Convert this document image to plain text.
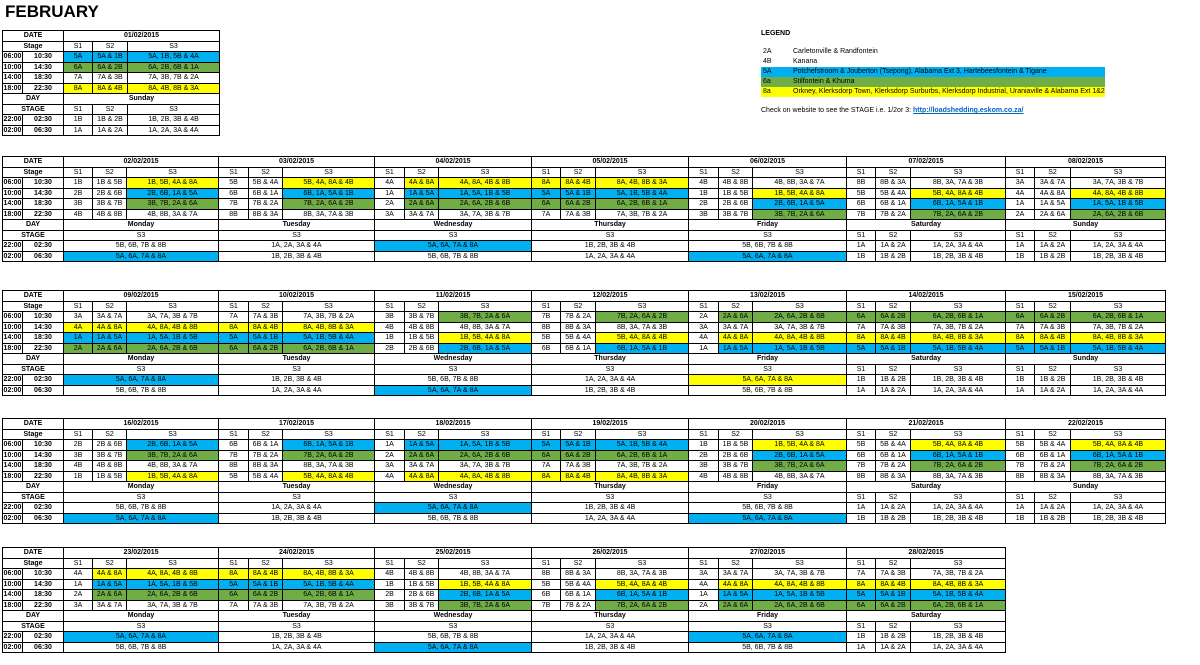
FEBRUARY
DATE		01/02/2015		
Stage		S1	S2	S3
06:00	10:30	5A	5A & 1B	5A, 1B, 5B & 4A
10:00	14:30	6A	6A & 2B	6A, 2B, 6B & 1A
14:00	18:30	7A	7A & 3B	7A, 3B, 7B & 2A
18:00	22:30	8A	8A & 4B	8A, 4B, 8B & 3A
DAY		Sunday		
STAGE		S1	S2	S3
22:00	02:30	1B	1B & 2B	1B, 2B, 3B & 4B
02:00	06:30	1A	1A & 2A	1A, 2A, 3A & 4A
DATE		02/02/2015			03/02/2015			04/02/2015			05/02/2015			06/02/2015			07/02/2015			08/02/2015		
Stage		S1	S2	S3	S1	S2	S3	S1	S2	S3	S1	S2	S3	S1	S2	S3	S1	S2	S3	S1	S2	S3
06:00	10:30	1B	1B & 5B	1B, 5B, 4A & 8A	5B	5B & 4A	5B, 4A, 8A & 4B	4A	4A & 8A	4A, 8A, 4B & 8B	8A	8A & 4B	8A, 4B, 8B & 3A	4B	4B & 8B	4B, 8B, 3A & 7A	8B	8B & 3A	8B, 3A, 7A & 3B	3A	3A & 7A	3A, 7A, 3B & 7B
10:00	14:30	2B	2B & 6B	2B, 6B, 1A & 5A	6B	6B & 1A	6B, 1A, 5A & 1B	1A	1A & 5A	1A, 5A, 1B & 5B	5A	5A & 1B	5A, 1B, 5B & 4A	1B	1B & 5B	1B, 5B, 4A & 8A	5B	5B & 4A	5B, 4A, 8A & 4B	4A	4A & 8A	4A, 8A, 4B & 8B
14:00	18:30	3B	3B & 7B	3B, 7B, 2A & 6A	7B	7B & 2A	7B, 2A, 6A & 2B	2A	2A & 6A	2A, 6A, 2B & 6B	6A	6A & 2B	6A, 2B, 6B & 1A	2B	2B & 6B	2B, 6B, 1A & 5A	6B	6B & 1A	6B, 1A, 5A & 1B	1A	1A & 5A	1A, 5A, 1B & 5B
18:00	22:30	4B	4B & 8B	4B, 8B, 3A & 7A	8B	8B & 3A	8B, 3A, 7A & 3B	3A	3A & 7A	3A, 7A, 3B & 7B	7A	7A & 3B	7A, 3B, 7B & 2A	3B	3B & 7B	3B, 7B, 2A & 6A	7B	7B & 2A	7B, 2A, 6A & 2B	2A	2A & 6A	2A, 6A, 2B & 6B
DAY		Monday			Tuesday			Wednesday			Thursday			Friday			Saturday			Sunday		
STAGE		S3			S3			S3			S3			S3			S1	S2	S3	S1	S2	S3
22:00	02:30	5B, 6B, 7B & 8B			1A, 2A, 3A & 4A			5A, 6A, 7A & 8A			1B, 2B, 3B & 4B			5B, 6B, 7B & 8B			1A	1A & 2A	1A, 2A, 3A & 4A	1A	1A & 2A	1A, 2A, 3A & 4A
02:00	06:30	5A, 6A, 7A & 8A			1B, 2B, 3B & 4B			5B, 6B, 7B & 8B			1A, 2A, 3A & 4A			5A, 6A, 7A & 8A			1B	1B & 2B	1B, 2B, 3B & 4B	1B	1B & 2B	1B, 2B, 3B & 4B
DATE		09/02/2015			10/02/2015			11/02/2015			12/02/2015			13/02/2015			14/02/2015			15/02/2015		
Stage		S1	S2	S3	S1	S2	S3	S1	S2	S3	S1	S2	S3	S1	S2	S3	S1	S2	S3	S1	S2	S3
06:00	10:30	3A	3A & 7A	3A, 7A, 3B & 7B	7A	7A & 3B	7A, 3B, 7B & 2A	3B	3B & 7B	3B, 7B, 2A & 6A	7B	7B & 2A	7B, 2A, 6A & 2B	2A	2A & 6A	2A, 6A, 2B & 6B	6A	6A & 2B	6A, 2B, 6B & 1A	6A	6A & 2B	6A, 2B, 6B & 1A
10:00	14:30	4A	4A & 8A	4A, 8A, 4B & 8B	8A	8A & 4B	8A, 4B, 8B & 3A	4B	4B & 8B	4B, 8B, 3A & 7A	8B	8B & 3A	8B, 3A, 7A & 3B	3A	3A & 7A	3A, 7A, 3B & 7B	7A	7A & 3B	7A, 3B, 7B & 2A	7A	7A & 3B	7A, 3B, 7B & 2A
14:00	18:30	1A	1A & 5A	1A, 5A, 1B & 5B	5A	5A & 1B	5A, 1B, 5B & 4A	1B	1B & 5B	1B, 5B, 4A & 8A	5B	5B & 4A	5B, 4A, 8A & 4B	4A	4A & 8A	4A, 8A, 4B & 8B	8A	8A & 4B	8A, 4B, 8B & 3A	8A	8A & 4B	8A, 4B, 8B & 3A
18:00	22:30	2A	2A & 6A	2A, 6A, 2B & 6B	6A	6A & 2B	6A, 2B, 6B & 1A	2B	2B & 6B	2B, 6B, 1A & 5A	6B	6B & 1A	6B, 1A, 5A & 1B	1A	1A & 5A	1A, 5A, 1B & 5B	5A	5A & 1B	5A, 1B, 5B & 4A	5A	5A & 1B	5A, 1B, 5B & 4A
DAY		Monday			Tuesday			Wednesday			Thursday			Friday			Saturday			Sunday		
STAGE		S3			S3			S3			S3			S3			S1	S2	S3	S1	S2	S3
22:00	02:30	5A, 6A, 7A & 8A			1B, 2B, 3B & 4B			5B, 6B, 7B & 8B			1A, 2A, 3A & 4A			5A, 6A, 7A & 8A			1B	1B & 2B	1B, 2B, 3B & 4B	1B	1B & 2B	1B, 2B, 3B & 4B
02:00	06:30	5B, 6B, 7B & 8B			1A, 2A, 3A & 4A			5A, 6A, 7A & 8A			1B, 2B, 3B & 4B			5B, 6B, 7B & 8B			1A	1A & 2A	1A, 2A, 3A & 4A	1A	1A & 2A	1A, 2A, 3A & 4A
DATE		16/02/2015			17/02/2015			18/02/2015			19/02/2015			20/02/2015			21/02/2015			22/02/2015		
Stage		S1	S2	S3	S1	S2	S3	S1	S2	S3	S1	S2	S3	S1	S2	S3	S1	S2	S3	S1	S2	S3
06:00	10:30	2B	2B & 6B	2B, 6B, 1A & 5A	6B	6B & 1A	6B, 1A, 5A & 1B	1A	1A & 5A	1A, 5A, 1B & 5B	5A	5A & 1B	5A, 1B, 5B & 4A	1B	1B & 5B	1B, 5B, 4A & 8A	5B	5B & 4A	5B, 4A, 8A & 4B	5B	5B & 4A	5B, 4A, 8A & 4B
10:00	14:30	3B	3B & 7B	3B, 7B, 2A & 6A	7B	7B & 2A	7B, 2A, 6A & 2B	2A	2A & 6A	2A, 6A, 2B & 6B	6A	6A & 2B	6A, 2B, 6B & 1A	2B	2B & 6B	2B, 6B, 1A & 5A	6B	6B & 1A	6B, 1A, 5A & 1B	6B	6B & 1A	6B, 1A, 5A & 1B
14:00	18:30	4B	4B & 8B	4B, 8B, 3A & 7A	8B	8B & 3A	8B, 3A, 7A & 3B	3A	3A & 7A	3A, 7A, 3B & 7B	7A	7A & 3B	7A, 3B, 7B & 2A	3B	3B & 7B	3B, 7B, 2A & 6A	7B	7B & 2A	7B, 2A, 6A & 2B	7B	7B & 2A	7B, 2A, 6A & 2B
18:00	22:30	1B	1B & 5B	1B, 5B, 4A & 8A	5B	5B & 4A	5B, 4A, 8A & 4B	4A	4A & 8A	4A, 8A, 4B & 8B	8A	8A & 4B	8A, 4B, 8B & 3A	4B	4B & 8B	4B, 8B, 3A & 7A	8B	8B & 3A	8B, 3A, 7A & 3B	8B	8B & 3A	8B, 3A, 7A & 3B
DAY		Monday			Tuesday			Wednesday			Thursday			Friday			Saturday			Sunday		
STAGE		S3			S3			S3			S3			S3			S1	S2	S3	S1	S2	S3
22:00	02:30	5B, 6B, 7B & 8B			1A, 2A, 3A & 4A			5A, 6A, 7A & 8A			1B, 2B, 3B & 4B			5B, 6B, 7B & 8B			1A	1A & 2A	1A, 2A, 3A & 4A	1A	1A & 2A	1A, 2A, 3A & 4A
02:00	06:30	5A, 6A, 7A & 8A			1B, 2B, 3B & 4B			5B, 6B, 7B & 8B			1A, 2A, 3A & 4A			5A, 6A, 7A & 8A			1B	1B & 2B	1B, 2B, 3B & 4B	1B	1B & 2B	1B, 2B, 3B & 4B
DATE		23/02/2015			24/02/2015			25/02/2015			26/02/2015			27/02/2015			28/02/2015		
Stage		S1	S2	S3	S1	S2	S3	S1	S2	S3	S1	S2	S3	S1	S2	S3	S1	S2	S3
06:00	10:30	4A	4A & 8A	4A, 8A, 4B & 8B	8A	8A & 4B	8A, 4B, 8B & 3A	4B	4B & 8B	4B, 8B, 3A & 7A	8B	8B & 3A	8B, 3A, 7A & 3B	3A	3A & 7A	3A, 7A, 3B & 7B	7A	7A & 3B	7A, 3B, 7B & 2A
10:00	14:30	1A	1A & 5A	1A, 5A, 1B & 5B	5A	5A & 1B	5A, 1B, 5B & 4A	1B	1B & 5B	1B, 5B, 4A & 8A	5B	5B & 4A	5B, 4A, 8A & 4B	4A	4A & 8A	4A, 8A, 4B & 8B	8A	8A & 4B	8A, 4B, 8B & 3A
14:00	18:30	2A	2A & 6A	2A, 6A, 2B & 6B	6A	6A & 2B	6A, 2B, 6B & 1A	2B	2B & 6B	2B, 6B, 1A & 5A	6B	6B & 1A	6B, 1A, 5A & 1B	1A	1A & 5A	1A, 5A, 1B & 5B	5A	5A & 1B	5A, 1B, 5B & 4A
18:00	22:30	3A	3A & 7A	3A, 7A, 3B & 7B	7A	7A & 3B	7A, 3B, 7B & 2A	3B	3B & 7B	3B, 7B, 2A & 6A	7B	7B & 2A	7B, 2A, 6A & 2B	2A	2A & 6A	2A, 6A, 2B & 6B	6A	6A & 2B	6A, 2B, 6B & 1A
DAY		Monday			Tuesday			Wednesday			Thursday			Friday			Saturday		
STAGE		S3			S3			S3			S3			S3			S1	S2	S3
22:00	02:30	5A, 6A, 7A & 8A			1B, 2B, 3B & 4B			5B, 6B, 7B & 8B			1A, 2A, 3A & 4A			5A, 6A, 7A & 8A			1B	1B & 2B	1B, 2B, 3B & 4B
02:00	06:30	5B, 6B, 7B & 8B			1A, 2A, 3A & 4A			5A, 6A, 7A & 8A			1B, 2B, 3B & 4B			5B, 6B, 7B & 8B			1A	1A & 2A	1A, 2A, 3A & 4A
LEGEND
2A	Carletonville & Randfontein
4B	Kanana
5A	Potchefstroom & Jouberton (Tsepong), Alabama Ext 3, Hartebeesfontein & Tigane
6a	Stilfontein & Khuma
8a	Orkney, Klerksdorp Town, Klerksdorp Surburbs, Klerksdorp Industrial, Uraniaville & Alabama Ext 1&2
Check on website to see the STAGE i.e. 1/2or 3: http://loadshedding.eskom.co.za/
